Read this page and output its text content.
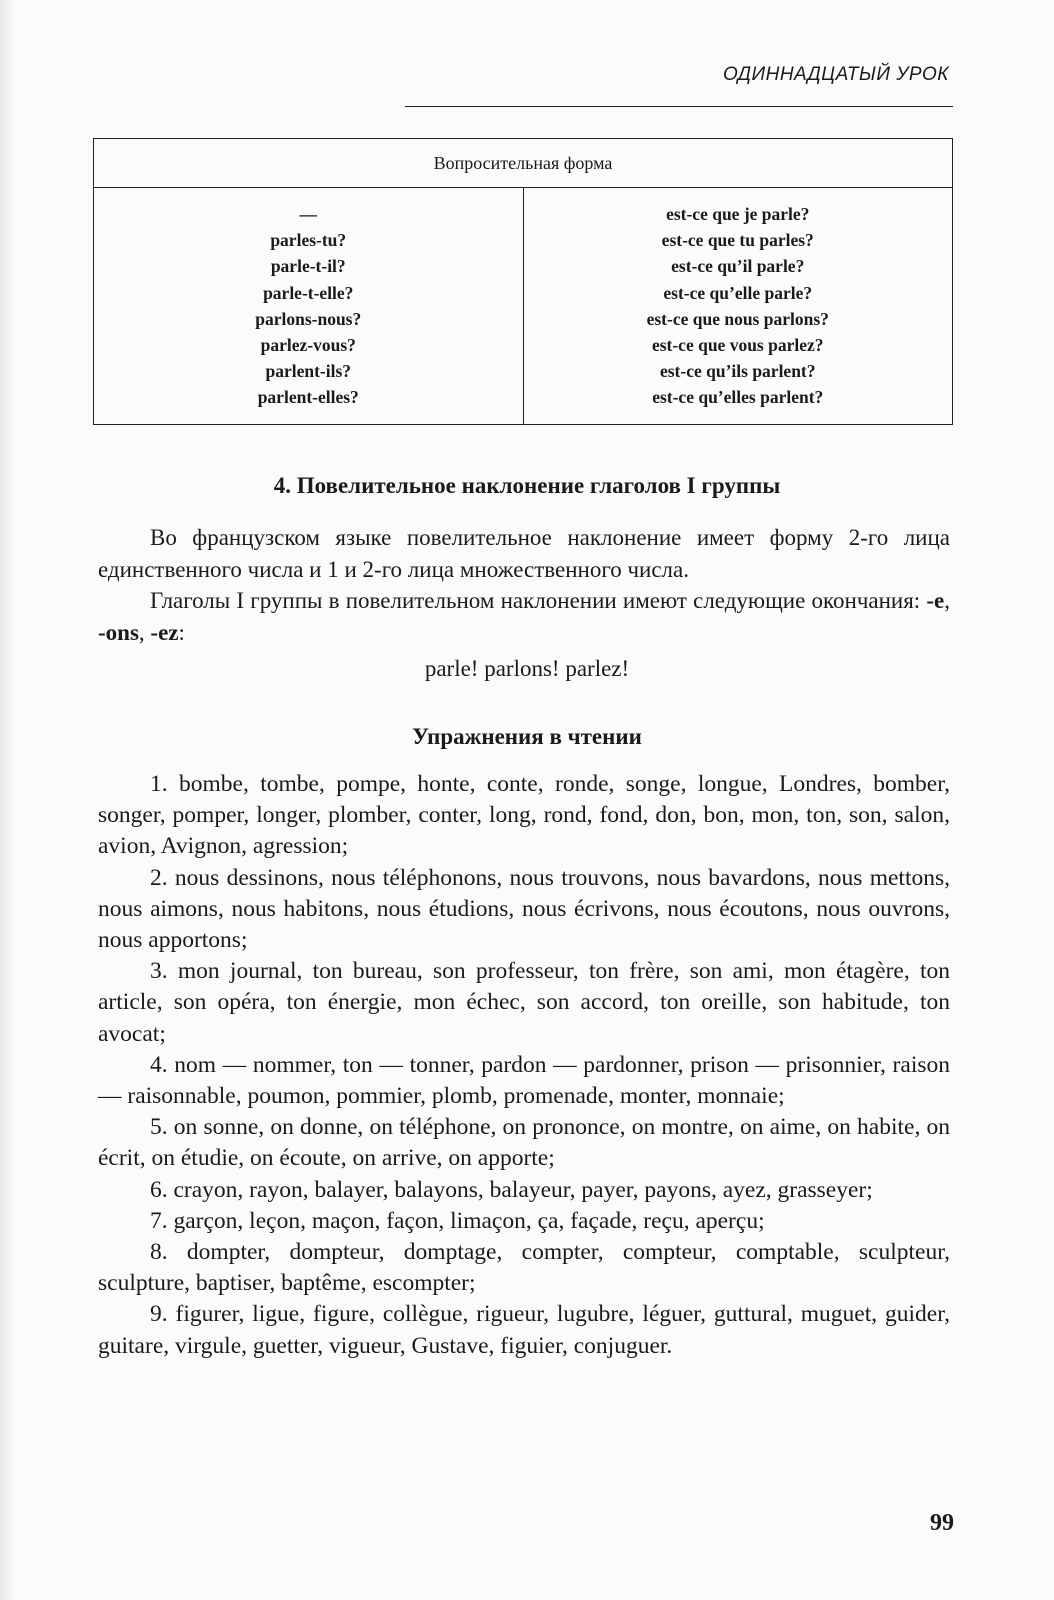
ОДИННАДЦАТЫЙ УРОК
Вопросительная форма
—
parles-tu?
parle-t-il?
parle-t-elle?
parlons-nous?
parlez-vous?
parlent-ils?
parlent-elles?
est-ce que je parle?
est-ce que tu parles?
est-ce qu’il parle?
est-ce qu’elle parle?
est-ce que nous parlons?
est-ce que vous parlez?
est-ce qu’ils parlent?
est-ce qu’elles parlent?
4. Повелительное наклонение глаголов I группы

Во французском языке повелительное наклонение имеет форму 2-го лица единственного числа и 1 и 2-го лица множественного числа.

Глаголы I группы в повелительном наклонении имеют следующие окончания: -e, -ons, -ez:

parle! parlons! parlez!
Упражнения в чтении

1. bombe, tombe, pompe, honte, conte, ronde, songe, longue, Londres, bomber, songer, pomper, longer, plomber, conter, long, rond, fond, don, bon, mon, ton, son, salon, avion, Avignon, agression;

2. nous dessinons, nous téléphonons, nous trouvons, nous bavardons, nous mettons, nous aimons, nous habitons, nous étudions, nous écrivons, nous écoutons, nous ouvrons, nous apportons;

3. mon journal, ton bureau, son professeur, ton frère, son ami, mon étagère, ton article, son opéra, ton énergie, mon échec, son accord, ton oreille, son habitude, ton avocat;

4. nom — nommer, ton — tonner, pardon — pardonner, prison — prisonnier, raison — raisonnable, poumon, pommier, plomb, promenade, monter, monnaie;

5. on sonne, on donne, on téléphone, on prononce, on montre, on aime, on habite, on écrit, on étudie, on écoute, on arrive, on apporte;

6. crayon, rayon, balayer, balayons, balayeur, payer, payons, ayez, grasseyer;

7. garçon, leçon, maçon, façon, limaçon, ça, façade, reçu, aperçu;

8. dompter, dompteur, domptage, compter, compteur, comptable, sculpteur, sculpture, baptiser, baptême, escompter;

9. figurer, ligue, figure, collègue, rigueur, lugubre, léguer, guttural, muguet, guider, guitare, virgule, guetter, vigueur, Gustave, figuier, conjuguer.

99
